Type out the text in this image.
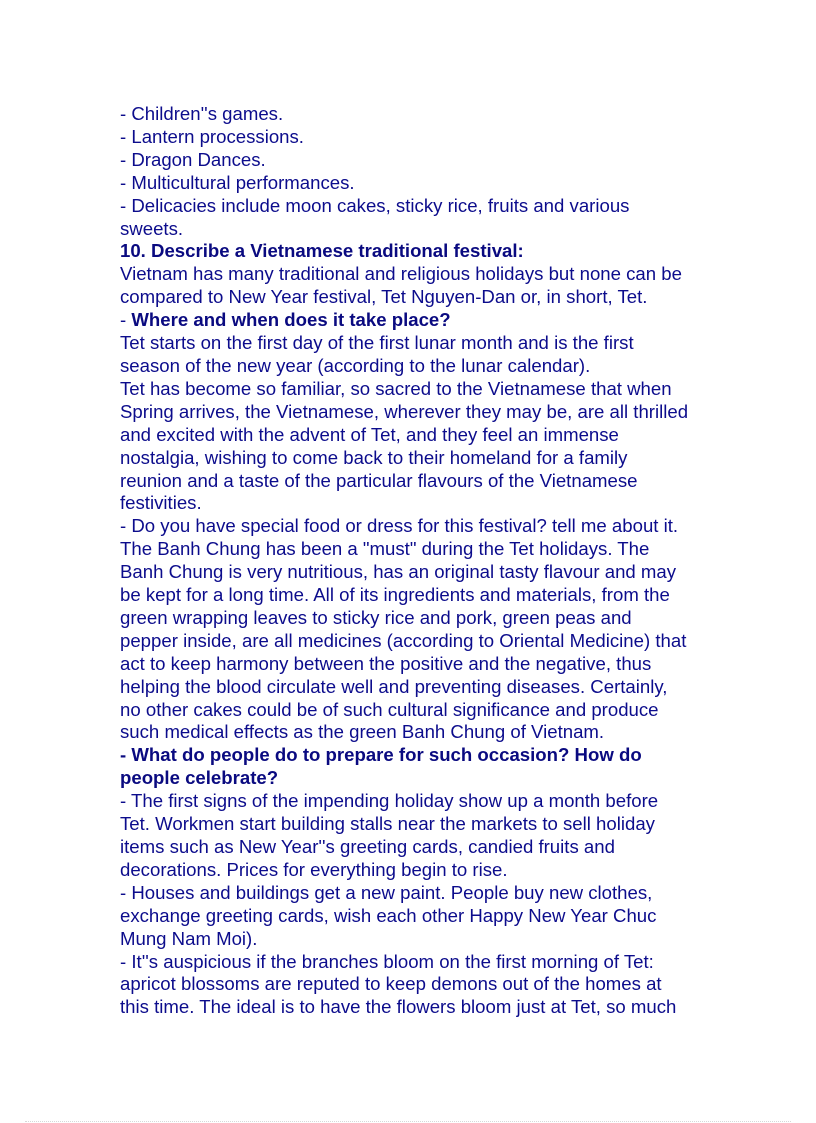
- Children''s games.
- Lantern processions.
- Dragon Dances.
- Multicultural performances.
- Delicacies include moon cakes, sticky rice, fruits and various
sweets.
10. Describe a Vietnamese traditional festival:
Vietnam has many traditional and religious holidays but none can be
compared to New Year festival, Tet Nguyen-Dan or, in short, Tet.
- Where and when does it take place?
Tet starts on the first day of the first lunar month and is the first
season of the new year (according to the lunar calendar).
Tet has become so familiar, so sacred to the Vietnamese that when
Spring arrives, the Vietnamese, wherever they may be, are all thrilled
and excited with the advent of Tet, and they feel an immense
nostalgia, wishing to come back to their homeland for a family
reunion and a taste of the particular flavours of the Vietnamese
festivities.
- Do you have special food or dress for this festival? tell me about it.
The Banh Chung has been a "must" during the Tet holidays. The
Banh Chung is very nutritious, has an original tasty flavour and may
be kept for a long time. All of its ingredients and materials, from the
green wrapping leaves to sticky rice and pork, green peas and
pepper inside, are all medicines (according to Oriental Medicine) that
act to keep harmony between the positive and the negative, thus
helping the blood circulate well and preventing diseases. Certainly,
no other cakes could be of such cultural significance and produce
such medical effects as the green Banh Chung of Vietnam.
- What do people do to prepare for such occasion? How do
people celebrate?
- The first signs of the impending holiday show up a month before
Tet. Workmen start building stalls near the markets to sell holiday
items such as New Year''s greeting cards, candied fruits and
decorations. Prices for everything begin to rise.
- Houses and buildings get a new paint. People buy new clothes,
exchange greeting cards, wish each other Happy New Year Chuc
Mung Nam Moi).
- It''s auspicious if the branches bloom on the first morning of Tet:
apricot blossoms are reputed to keep demons out of the homes at
this time. The ideal is to have the flowers bloom just at Tet, so much
